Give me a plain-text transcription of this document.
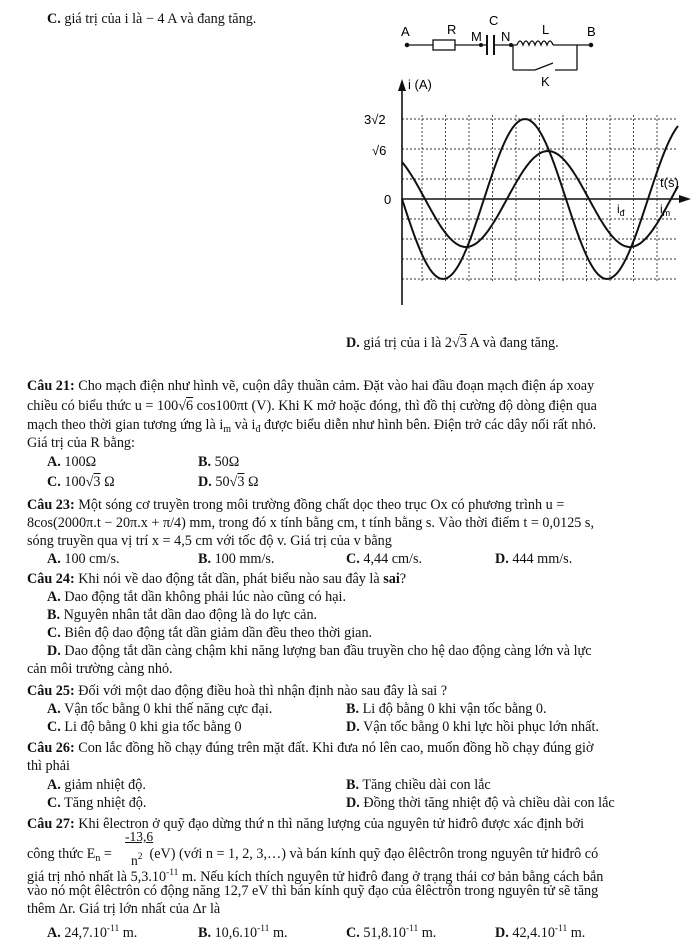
C. giá trị của i là − 4 A và đang tăng.
A	R M
C
N L	B
K
i (A)
t(s)
3√2
√6
0
$i_đ$	$i_m$
D. giá trị của i là 2√3 A và đang tăng.
Câu 21: Cho mạch điện như hình vẽ, cuộn dây thuần cảm. Đặt vào hai đầu đoạn mạch điện áp xoay
chiều có biểu thức u = 100√6 cos100πt (V). Khi K mở hoặc đóng, thì đồ thị cường độ dòng điện qua
mạch theo thời gian tương ứng là $i_m$ và $i_đ$ được biểu diễn như hình bên. Điện trở các dây nối rất nhỏ.
Giá trị của R bằng:
A. 100Ω	B. 50Ω
C. 100√3 Ω	D. 50√3 Ω
Câu 23: Một sóng cơ truyền trong môi trường đồng chất dọc theo trục Ox có phương trình u =
8cos(2000π.t − 20π.x + π/4) mm, trong đó x tính bằng cm, t tính bằng s. Vào thời điểm t = 0,0125 s,
sóng truyền qua vị trí x = 4,5 cm với tốc độ v. Giá trị của v bằng
A. 100 cm/s.	B. 100 mm/s.	C. 4,44 cm/s.	D. 444 mm/s.
Câu 24: Khi nói về dao động tắt dần, phát biểu nào sau đây là sai?
A. Dao động tắt dần không phải lúc nào cũng có hại.
B. Nguyên nhân tắt dần dao động là do lực cản.
C. Biên độ dao động tắt dần giảm dần đều theo thời gian.
D. Dao động tắt dần càng chậm khi năng lượng ban đầu truyền cho hệ dao động càng lớn và lực
cản môi trường càng nhỏ.
Câu 25: Đối với một dao động điều hoà thì nhận định nào sau đây là sai ?
A. Vận tốc bằng 0 khi thế năng cực đại.	B. Li độ bằng 0 khi vận tốc bằng 0.
C. Li độ bằng 0 khi gia tốc bằng 0	D. Vận tốc bằng 0 khi lực hồi phục lớn nhất.
Câu 26: Con lắc đồng hồ chạy đúng trên mặt đất. Khi đưa nó lên cao, muốn đồng hồ chạy đúng giờ
thì phải
A. giảm nhiệt độ.	B. Tăng chiều dài con lắc
C. Tăng nhiệt độ.	D. Đồng thời tăng nhiệt độ và chiều dài con lắc
Câu 27: Khi êlectron ở quỹ đạo dừng thứ n thì năng lượng của nguyên tử hiđrô được xác định bởi
-13,6
$n^2$
công thức $E_n = (eV)$ (với n = 1, 2, 3,…) và bán kính quỹ đạo êlêctrôn trong nguyên tử hiđrô có
giá trị nhỏ nhất là $5,3.10^{-11}$ m. Nếu kích thích nguyên tử hiđrô đang ở trạng thái cơ bản bằng cách bắn
vào nó một êlêctrôn có động năng 12,7 eV thì bán kính quỹ đạo của êlêctrôn trong nguyên tử sẽ tăng
thêm Δr. Giá trị lớn nhất của Δr là
A. $24,7.10^{-11}$ m.	B. $10,6.10^{-11}$ m.	C. $51,8.10^{-11}$ m.	D. $42,4.10^{-11}$ m.
